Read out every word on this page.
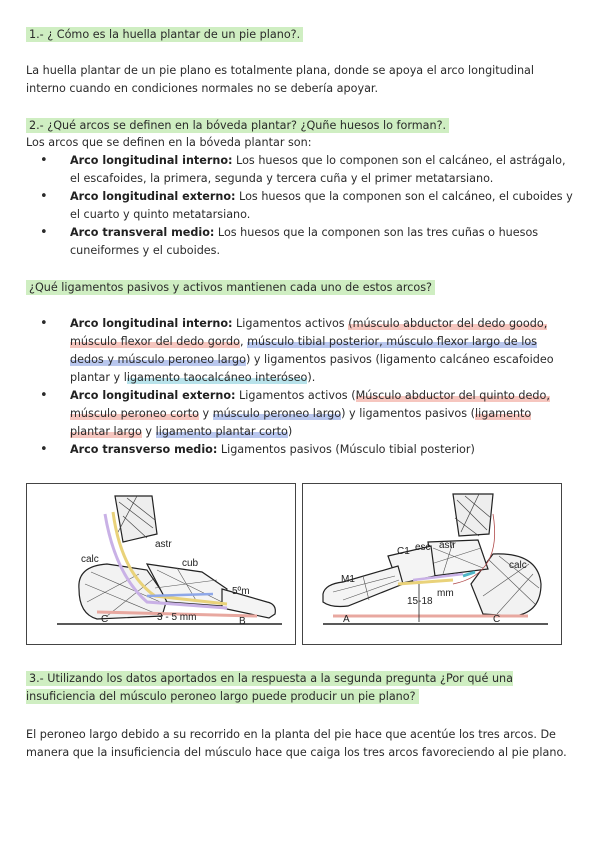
1.- ¿ Cómo es la huella plantar de un pie plano?.
La huella plantar de un pie plano es totalmente plana, donde se apoya el arco longitudinal interno cuando en condiciones normales no se debería apoyar.
2.- ¿Qué arcos se definen en la bóveda plantar? ¿Quñe huesos lo forman?.
Los arcos que se definen en la bóveda plantar son:
• Arco longitudinal interno: Los huesos que lo componen son el calcáneo, el astrágalo, el escafoides, la primera, segunda y tercera cuña y el primer metatarsiano.
• Arco longitudinal externo: Los huesos que la componen son el calcáneo, el cuboides y el cuarto y quinto metatarsiano.
• Arco transveral medio: Los huesos que la componen son las tres cuñas o huesos cuneiformes y el cuboides.
¿Qué ligamentos pasivos y activos mantienen cada uno de estos arcos?
• Arco longitudinal interno: Ligamentos activos (músculo abductor del dedo goodo, músculo flexor del dedo gordo, músculo tibial posterior, músculo flexor largo de los dedos y músculo peroneo largo) y ligamentos pasivos (ligamento calcáneo escafoideo plantar y ligamento taocalcáneo interóseo).
• Arco longitudinal externo: Ligamentos activos (Músculo abductor del quinto dedo, músculo peroneo corto y músculo peroneo largo) y ligamentos pasivos (ligamento plantar largo y ligamento plantar corto)
• Arco transverso medio: Ligamentos pasivos (Músculo tibial posterior)
astr
calc	cub
5ºm
C	B
3 - 5 mm
C1 esc astr
M1
calc
15-18
mm
A	C
3.- Utilizando los datos aportados en la respuesta a la segunda pregunta ¿Por qué una insuficiencia del músculo peroneo largo puede producir un pie plano?
El peroneo largo debido a su recorrido en la planta del pie hace que acentúe los tres arcos. De manera que la insuficiencia del músculo hace que caiga los tres arcos favoreciendo al pie plano.
